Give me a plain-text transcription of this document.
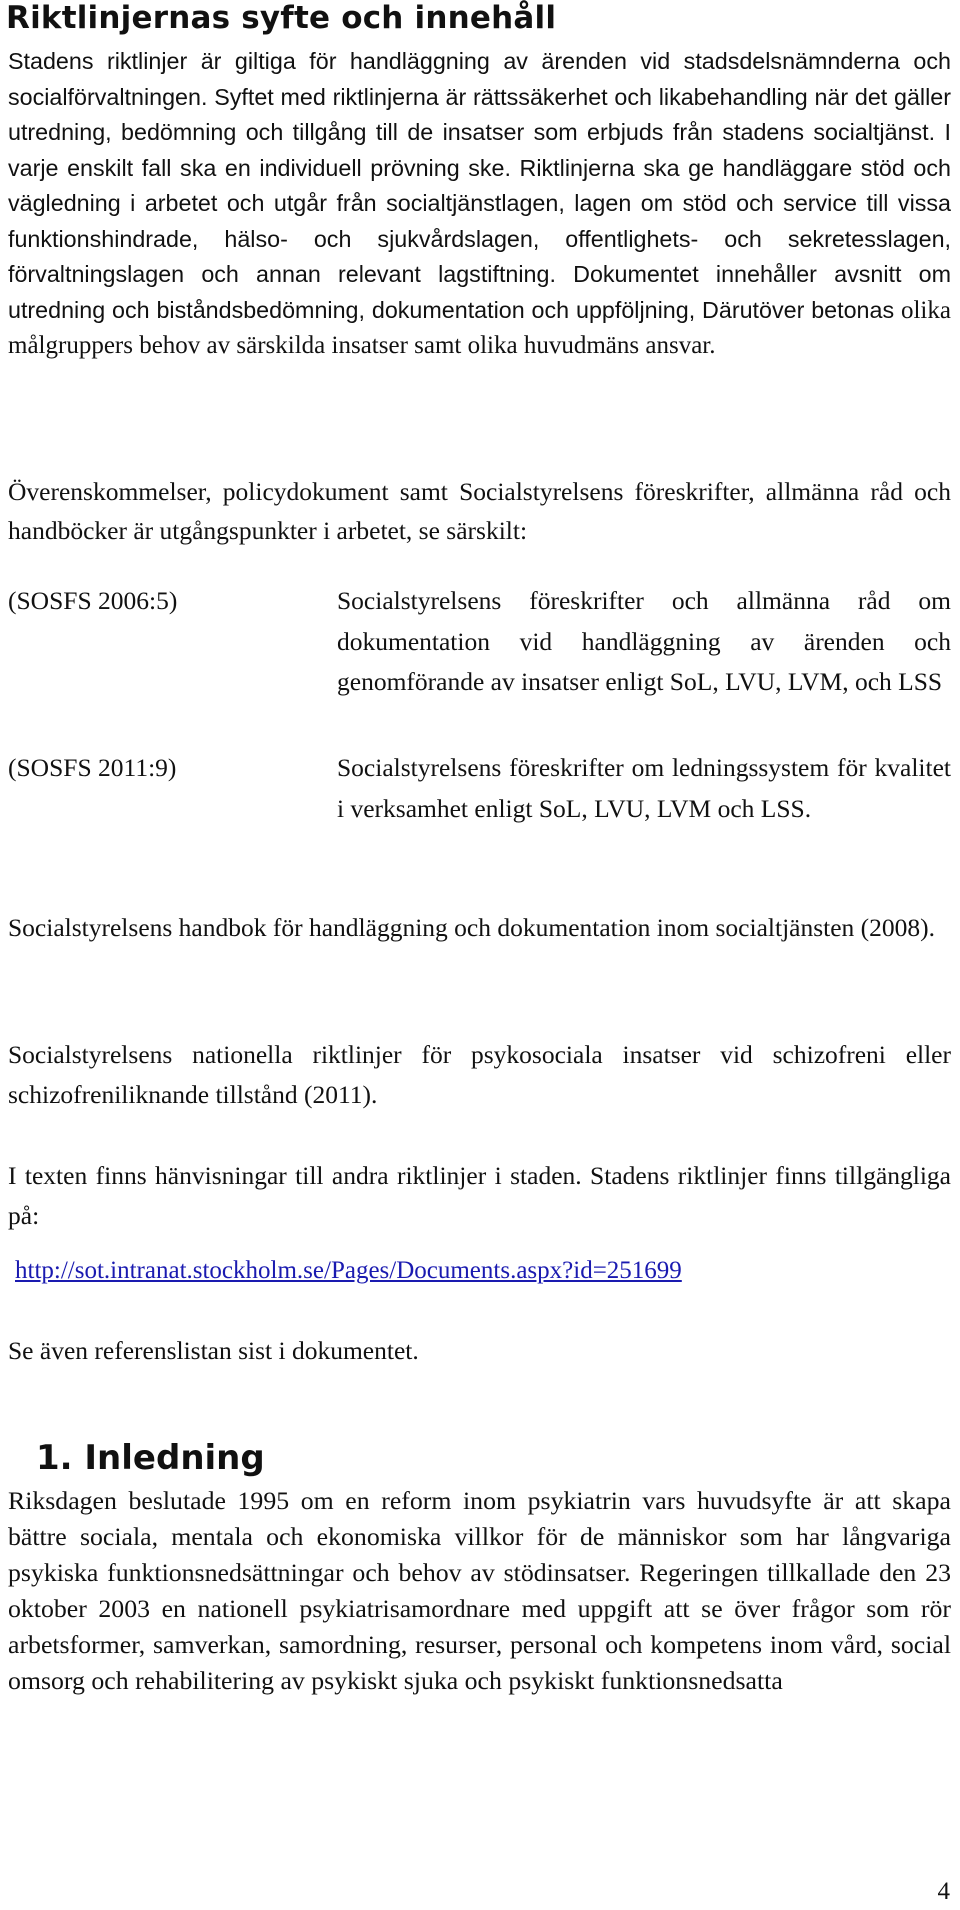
Riktlinjernas syfte och innehåll

Stadens riktlinjer är giltiga för handläggning av ärenden vid stadsdelsnämnderna och socialförvaltningen. Syftet med riktlinjerna är rättssäkerhet och likabehandling när det gäller utredning, bedömning och tillgång till de insatser som erbjuds från stadens socialtjänst. I varje enskilt fall ska en individuell prövning ske. Riktlinjerna ska ge handläggare stöd och vägledning i arbetet och utgår från socialtjänstlagen, lagen om stöd och service till vissa funktionshindrade, hälso- och sjukvårdslagen, offentlighets- och sekretesslagen, förvaltningslagen och annan relevant lagstiftning. Dokumentet innehåller avsnitt om utredning och biståndsbedömning, dokumentation och uppföljning, Därutöver betonas olika målgruppers behov av särskilda insatser samt olika huvudmäns ansvar.

Överenskommelser, policydokument samt Socialstyrelsens föreskrifter, allmänna råd och handböcker är utgångspunkter i arbetet, se särskilt:

(SOSFS 2006:5)	Socialstyrelsens föreskrifter och allmänna råd om dokumentation vid handläggning av ärenden och genomförande av insatser enligt SoL, LVU, LVM, och LSS

(SOSFS 2011:9)	Socialstyrelsens föreskrifter om ledningssystem för kvalitet i verksamhet enligt SoL, LVU, LVM och LSS.

Socialstyrelsens handbok för handläggning och dokumentation inom socialtjänsten (2008).

Socialstyrelsens nationella riktlinjer för psykosociala insatser vid schizofreni eller schizofreniliknande tillstånd (2011).

I texten finns hänvisningar till andra riktlinjer i staden. Stadens riktlinjer finns tillgängliga på:

http://sot.intranat.stockholm.se/Pages/Documents.aspx?id=251699

Se även referenslistan sist i dokumentet.

1. Inledning

Riksdagen beslutade 1995 om en reform inom psykiatrin vars huvudsyfte är att skapa bättre sociala, mentala och ekonomiska villkor för de människor som har långvariga psykiska funktionsnedsättningar och behov av stödinsatser. Regeringen tillkallade den 23 oktober 2003 en nationell psykiatrisamordnare med uppgift att se över frågor som rör arbetsformer, samverkan, samordning, resurser, personal och kompetens inom vård, social omsorg och rehabilitering av psykiskt sjuka och psykiskt funktionsnedsatta

4
